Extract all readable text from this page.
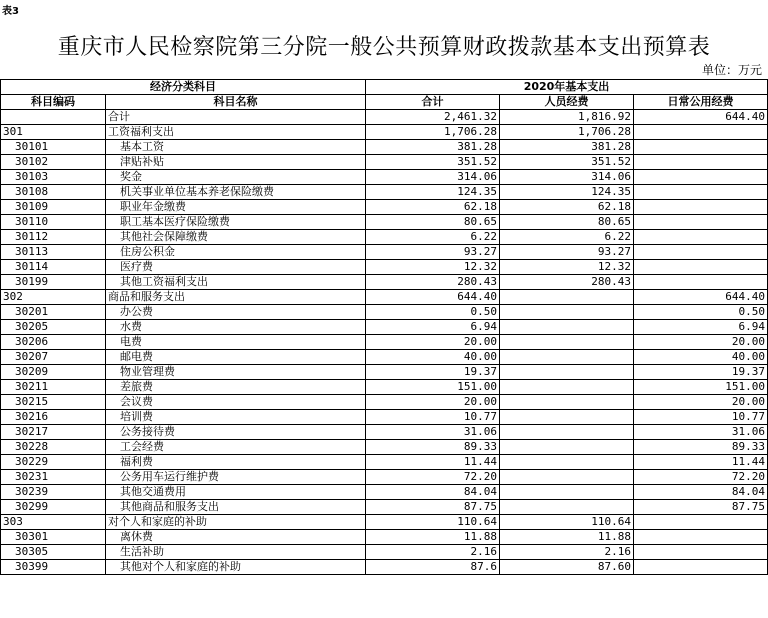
表3
重庆市人民检察院第三分院一般公共预算财政拨款基本支出预算表
单位：万元
经济分类科目		2020年基本支出		
科目编码	科目名称	合计	人员经费	日常公用经费
	合计	2,461.32	1,816.92	644.40
301	工资福利支出	1,706.28	1,706.28	
30101	基本工资	381.28	381.28	
30102	津贴补贴	351.52	351.52	
30103	奖金	314.06	314.06	
30108	机关事业单位基本养老保险缴费	124.35	124.35	
30109	职业年金缴费	62.18	62.18	
30110	职工基本医疗保险缴费	80.65	80.65	
30112	其他社会保障缴费	6.22	6.22	
30113	住房公积金	93.27	93.27	
30114	医疗费	12.32	12.32	
30199	其他工资福利支出	280.43	280.43	
302	商品和服务支出	644.40		644.40
30201	办公费	0.50		0.50
30205	水费	6.94		6.94
30206	电费	20.00		20.00
30207	邮电费	40.00		40.00
30209	物业管理费	19.37		19.37
30211	差旅费	151.00		151.00
30215	会议费	20.00		20.00
30216	培训费	10.77		10.77
30217	公务接待费	31.06		31.06
30228	工会经费	89.33		89.33
30229	福利费	11.44		11.44
30231	公务用车运行维护费	72.20		72.20
30239	其他交通费用	84.04		84.04
30299	其他商品和服务支出	87.75		87.75
303	对个人和家庭的补助	110.64	110.64	
30301	离休费	11.88	11.88	
30305	生活补助	2.16	2.16	
30399	其他对个人和家庭的补助	87.6	87.60	
